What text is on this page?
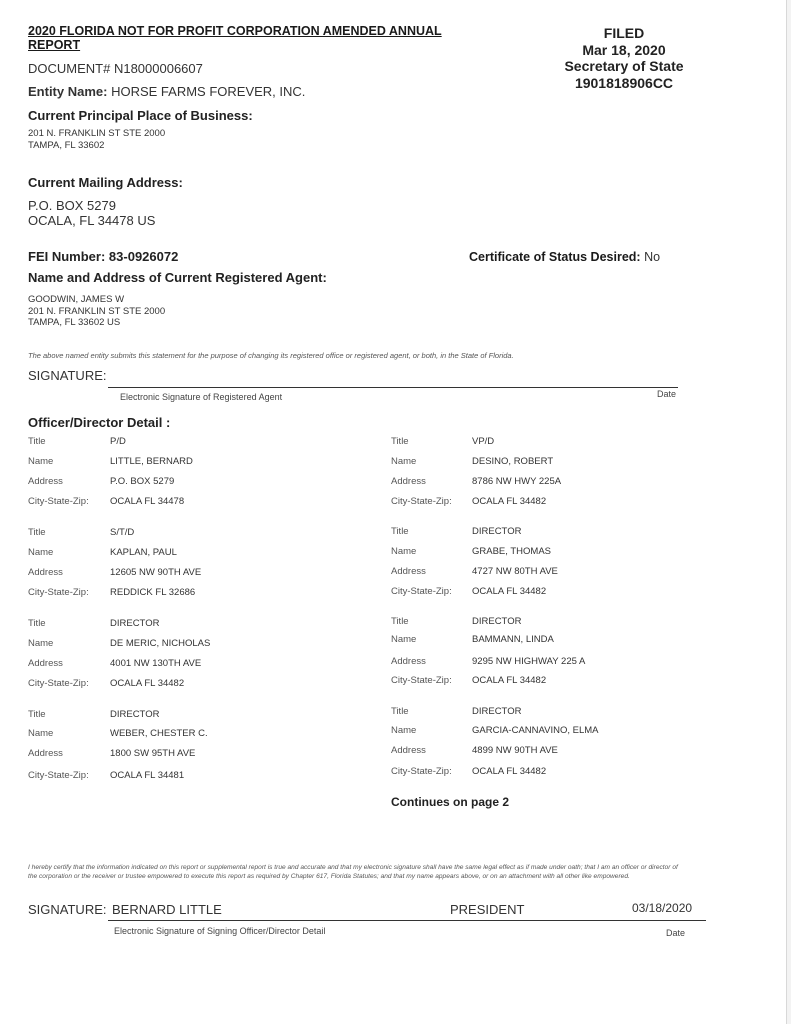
2020 FLORIDA NOT FOR PROFIT CORPORATION AMENDED ANNUAL
REPORT
FILED
Mar 18, 2020
Secretary of State
1901818906CC
DOCUMENT# N18000006607
Entity Name: HORSE FARMS FOREVER, INC.
Current Principal Place of Business:
201 N. FRANKLIN ST STE 2000
TAMPA, FL 33602
Current Mailing Address:
P.O. BOX 5279
OCALA, FL 34478 US
FEI Number: 83-0926072	Certificate of Status Desired: No
Name and Address of Current Registered Agent:
GOODWIN, JAMES W
201 N. FRANKLIN ST STE 2000
TAMPA, FL 33602 US
The above named entity submits this statement for the purpose of changing its registered office or registered agent, or both, in the State of Florida.
SIGNATURE:
Electronic Signature of Registered Agent	Date
Officer/Director Detail :
Title	P/D
Name	LITTLE, BERNARD
Address	P.O. BOX 5279
City-State-Zip: OCALA FL 34478
Title	VP/D
Name	DESINO, ROBERT
Address	8786 NW HWY 225A
City-State-Zip: OCALA FL 34482
Title	S/T/D
Name	KAPLAN, PAUL
Address	12605 NW 90TH AVE
City-State-Zip: REDDICK FL 32686
Title	DIRECTOR
Name	GRABE, THOMAS
Address	4727 NW 80TH AVE
City-State-Zip: OCALA FL 34482
Title	DIRECTOR
Name	DE MERIC, NICHOLAS
Address	4001 NW 130TH AVE
City-State-Zip: OCALA FL 34482
Title	DIRECTOR
Name	BAMMANN, LINDA
Address	9295 NW HIGHWAY 225 A
City-State-Zip: OCALA FL 34482
Title	DIRECTOR
Name	WEBER, CHESTER C.
Address	1800 SW 95TH AVE
City-State-Zip: OCALA FL 34481
Title	DIRECTOR
Name	GARCIA-CANNAVINO, ELMA
Address	4899 NW 90TH AVE
City-State-Zip: OCALA FL 34482
Continues on page 2
I hereby certify that the information indicated on this report or supplemental report is true and accurate and that my electronic signature shall have the same legal effect as if made under oath; that I am an officer or director of the corporation or the receiver or trustee empowered to execute this report as required by Chapter 617, Florida Statutes; and that my name appears above, or on an attachment with all other like empowered.
SIGNATURE: BERNARD LITTLE	PRESIDENT	03/18/2020
Electronic Signature of Signing Officer/Director Detail	Date
